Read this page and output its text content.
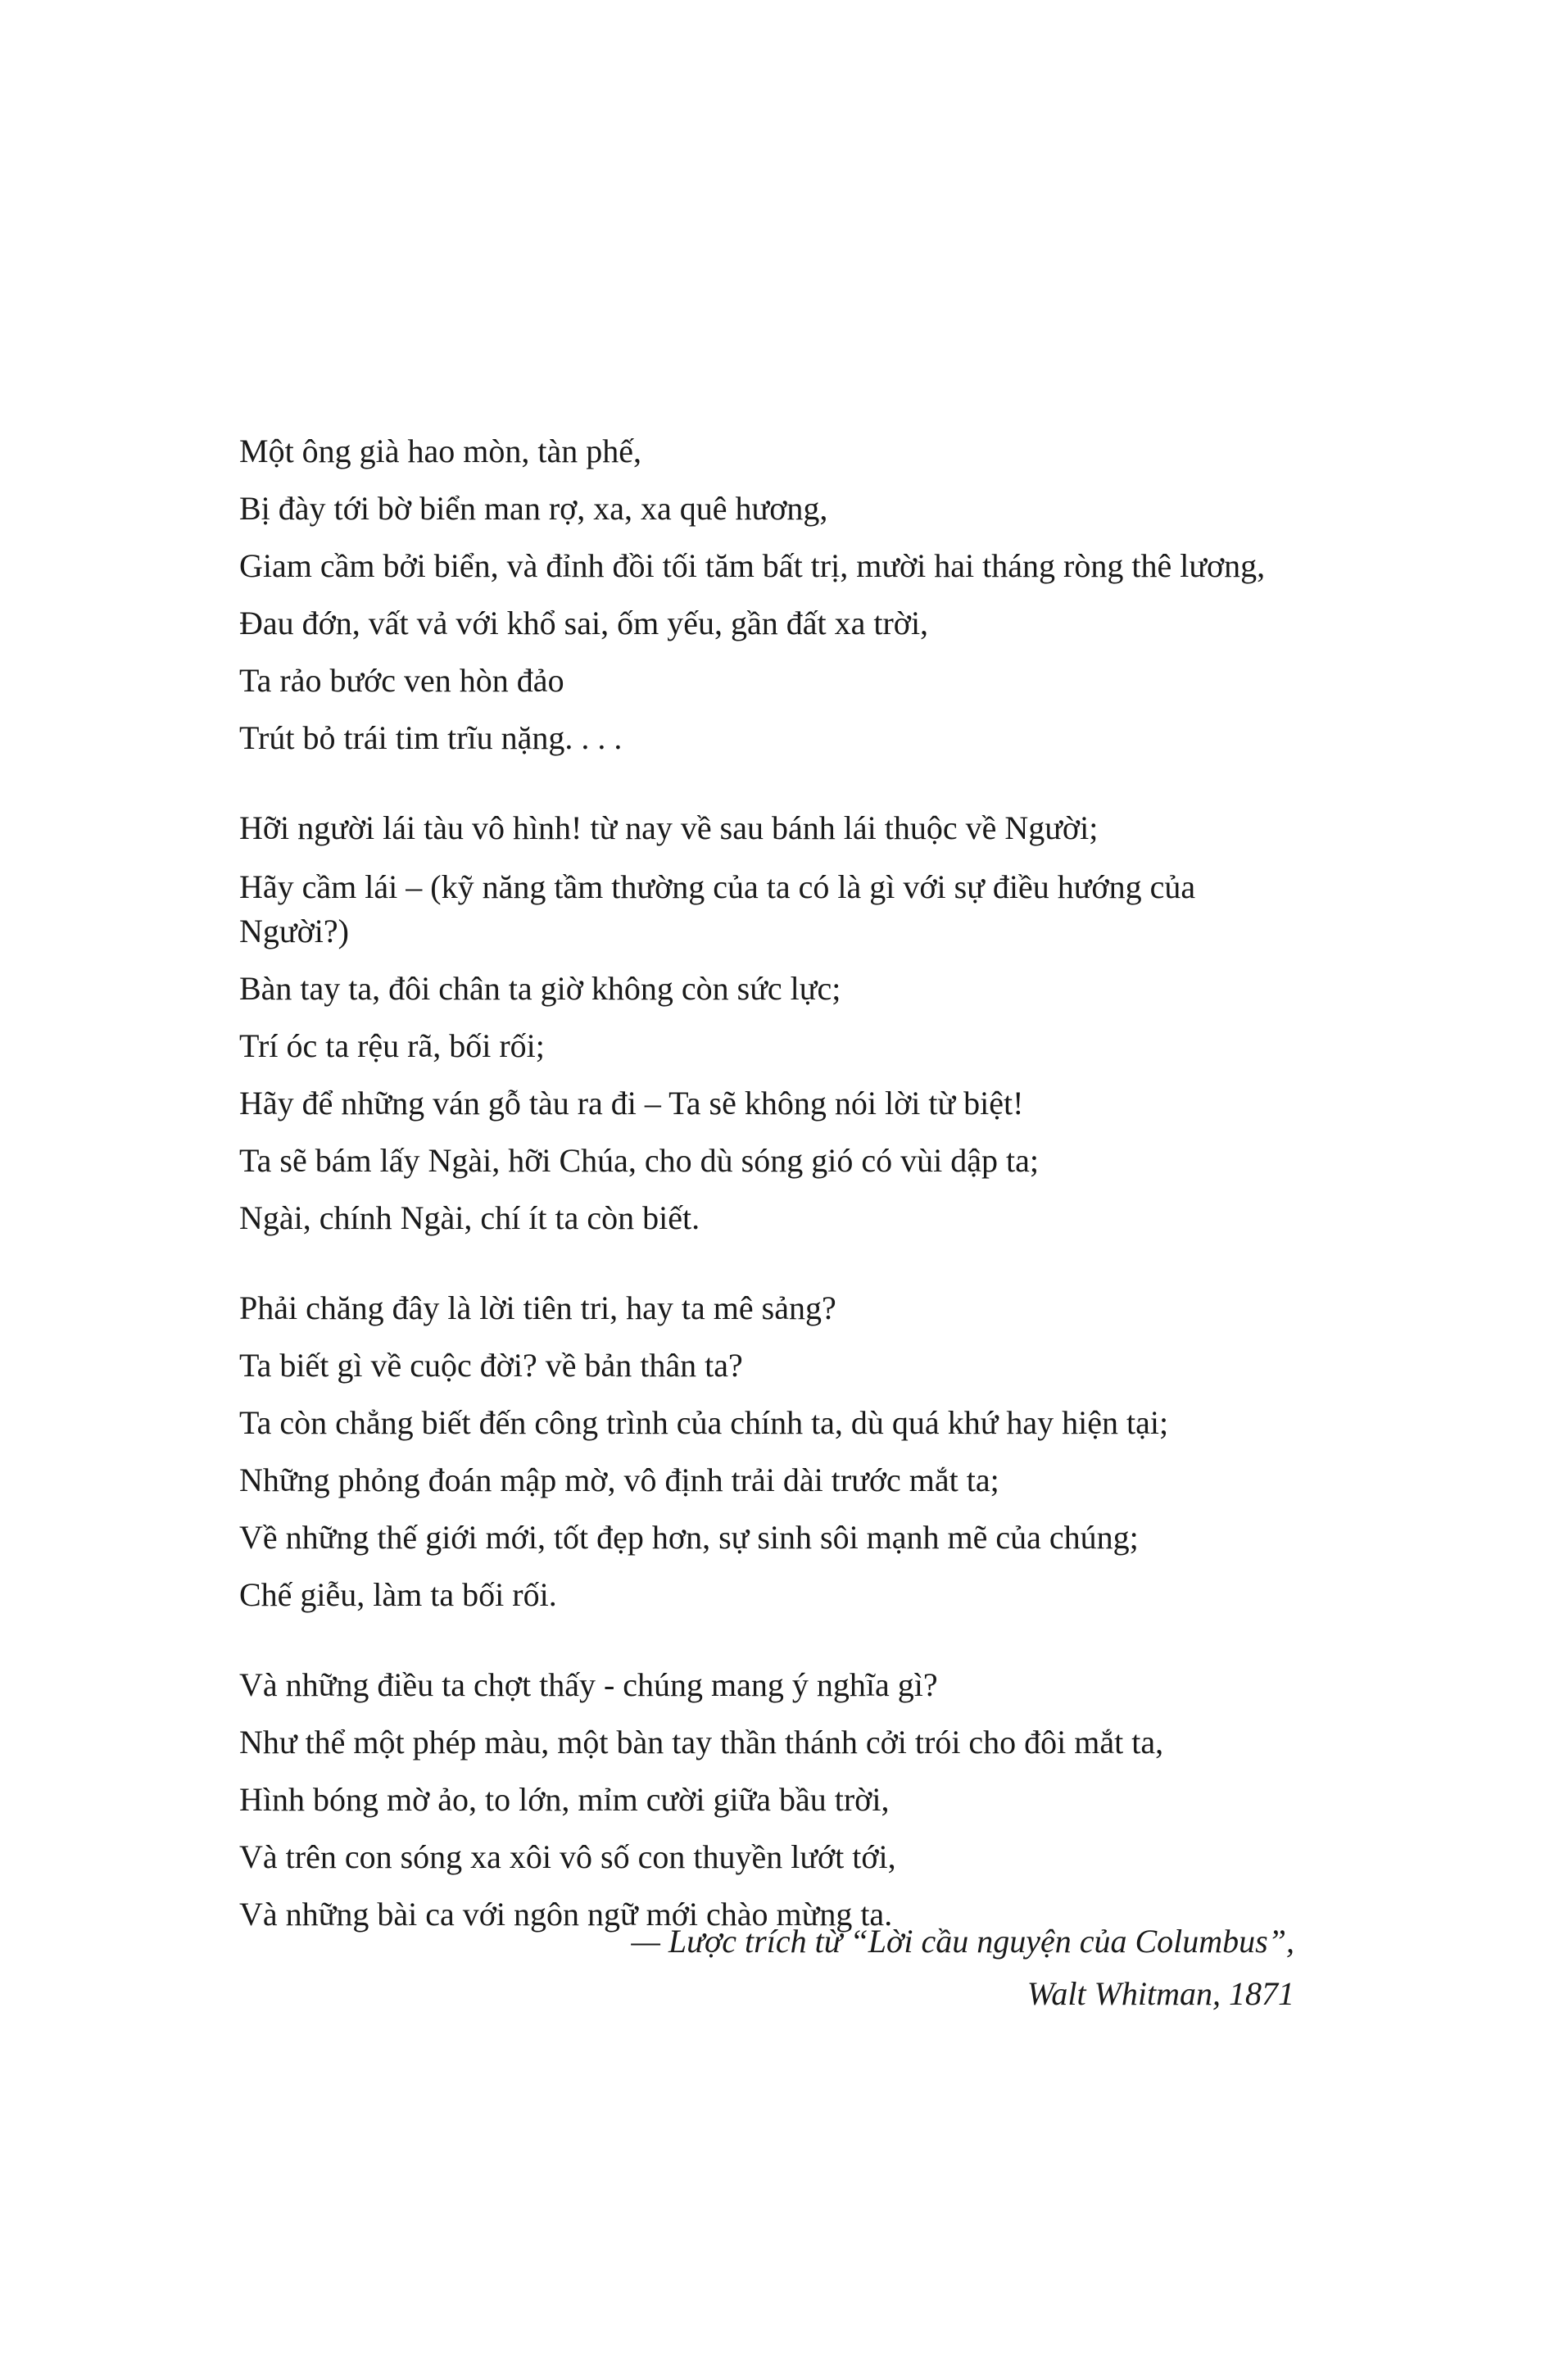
Một ông già hao mòn, tàn phế,
Bị đày tới bờ biển man rợ, xa, xa quê hương,
Giam cầm bởi biển, và đỉnh đồi tối tăm bất trị, mười hai tháng ròng thê lương,
Đau đớn, vất vả với khổ sai, ốm yếu, gần đất xa trời,
Ta rảo bước ven hòn đảo
Trút bỏ trái tim trĩu nặng. . . .
Hỡi người lái tàu vô hình! từ nay về sau bánh lái thuộc về Người;
Hãy cầm lái – (kỹ năng tầm thường của ta có là gì với sự điều hướng của Người?)
Bàn tay ta, đôi chân ta giờ không còn sức lực;
Trí óc ta rệu rã, bối rối;
Hãy để những ván gỗ tàu ra đi – Ta sẽ không nói lời từ biệt!
Ta sẽ bám lấy Ngài, hỡi Chúa, cho dù sóng gió có vùi dập ta;
Ngài, chính Ngài, chí ít ta còn biết.
Phải chăng đây là lời tiên tri, hay ta mê sảng?
Ta biết gì về cuộc đời? về bản thân ta?
Ta còn chẳng biết đến công trình của chính ta, dù quá khứ hay hiện tại;
Những phỏng đoán mập mờ, vô định trải dài trước mắt ta;
Về những thế giới mới, tốt đẹp hơn, sự sinh sôi mạnh mẽ của chúng;
Chế giễu, làm ta bối rối.
Và những điều ta chợt thấy - chúng mang ý nghĩa gì?
Như thể một phép màu, một bàn tay thần thánh cởi trói cho đôi mắt ta,
Hình bóng mờ ảo, to lớn, mỉm cười giữa bầu trời,
Và trên con sóng xa xôi vô số con thuyền lướt tới,
Và những bài ca với ngôn ngữ mới chào mừng ta.
— Lược trích từ “Lời cầu nguyện của Columbus”,
Walt Whitman, 1871
